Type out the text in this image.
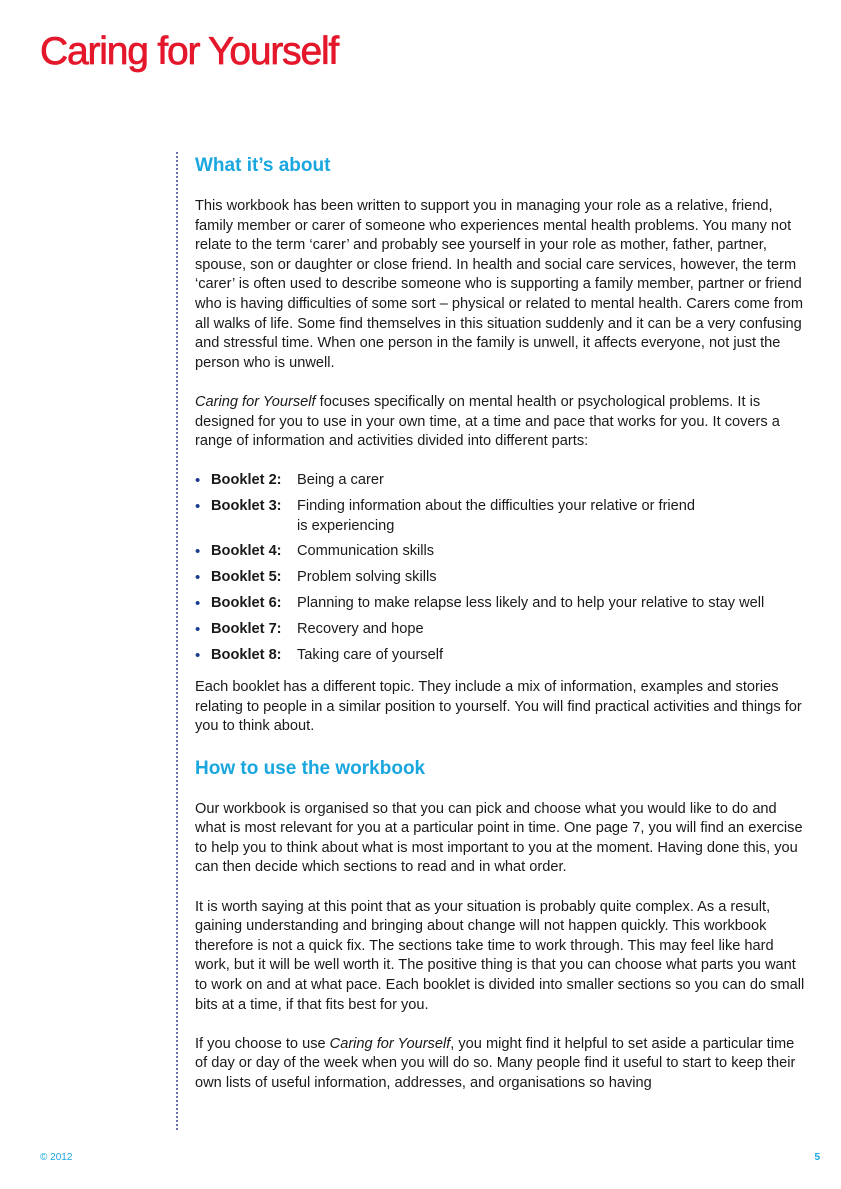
Caring for Yourself
What it’s about

This workbook has been written to support you in managing your role as a relative, friend, family member or carer of someone who experiences mental health problems. You many not relate to the term ‘carer’ and probably see yourself in your role as mother, father, partner, spouse, son or daughter or close friend. In health and social care services, however, the term ‘carer’ is often used to describe someone who is supporting a family member, partner or friend who is having difficulties of some sort – physical or related to mental health. Carers come from all walks of life. Some find themselves in this situation suddenly and it can be a very confusing and stressful time. When one person in the family is unwell, it affects everyone, not just the person who is unwell.

Caring for Yourself focuses specifically on mental health or psychological problems. It is designed for you to use in your own time, at a time and pace that works for you. It covers a range of information and activities divided into different parts:

• Booklet 2:	Being a carer
• Booklet 3:	Finding information about the difficulties your relative or friend is experiencing
• Booklet 4:	Communication skills
• Booklet 5:	Problem solving skills
• Booklet 6:	Planning to make relapse less likely and to help your relative to stay well
• Booklet 7:	Recovery and hope
• Booklet 8:	Taking care of yourself

Each booklet has a different topic. They include a mix of information, examples and stories relating to people in a similar position to yourself. You will find practical activities and things for you to think about.

How to use the workbook

Our workbook is organised so that you can pick and choose what you would like to do and what is most relevant for you at a particular point in time. One page 7, you will find an exercise to help you to think about what is most important to you at the moment. Having done this, you can then decide which sections to read and in what order.

It is worth saying at this point that as your situation is probably quite complex. As a result, gaining understanding and bringing about change will not happen quickly. This workbook therefore is not a quick fix. The sections take time to work through. This may feel like hard work, but it will be well worth it. The positive thing is that you can choose what parts you want to work on and at what pace. Each booklet is divided into smaller sections so you can do small bits at a time, if that fits best for you.

If you choose to use Caring for Yourself, you might find it helpful to set aside a particular time of day or day of the week when you will do so. Many people find it useful to start to keep their own lists of useful information, addresses, and organisations so having

© 2012	5
